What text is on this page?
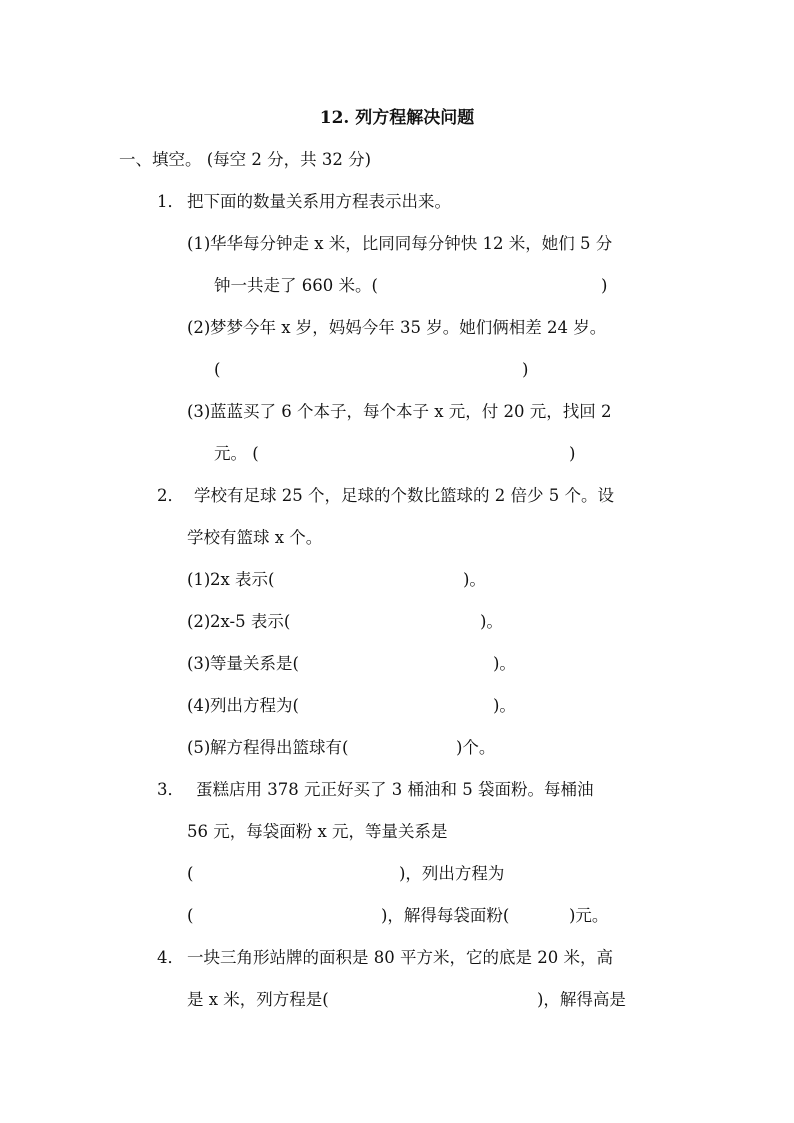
12. 列方程解决问题
一、填空。 (每空 2 分，共 32 分)
1． 把下面的数量关系用方程表示出来。
(1) 华华每分钟走 x 米，比同同每分钟快 12 米，她们 5 分
钟一共走了 660 米。(	)
(2) 梦梦今年 x 岁，妈妈今年 35 岁。她们俩相差 24 岁。
(	)
(3) 蓝蓝买了 6 个本子，每个本子 x 元，付 20 元，找回 2
元。 (	)
2． 学校有足球 25 个，足球的个数比篮球的 2 倍少 5 个。设
学校有篮球 x 个。
(1) 2x 表示(	)。
(2) 2x-5 表示(	)。
(3) 等量关系是(	)。
(4) 列出方程为(	)。
(5) 解方程得出篮球有(	)个。
3． 蛋糕店用 378 元正好买了 3 桶油和 5 袋面粉。每桶油
56 元，每袋面粉 x 元，等量关系是
(	)，列出方程为
(	)，解得每袋面粉(	)元。
4． 一块三角形站牌的面积是 80 平方米，它的底是 20 米，高
是 x 米，列方程是(	)，解得高是
